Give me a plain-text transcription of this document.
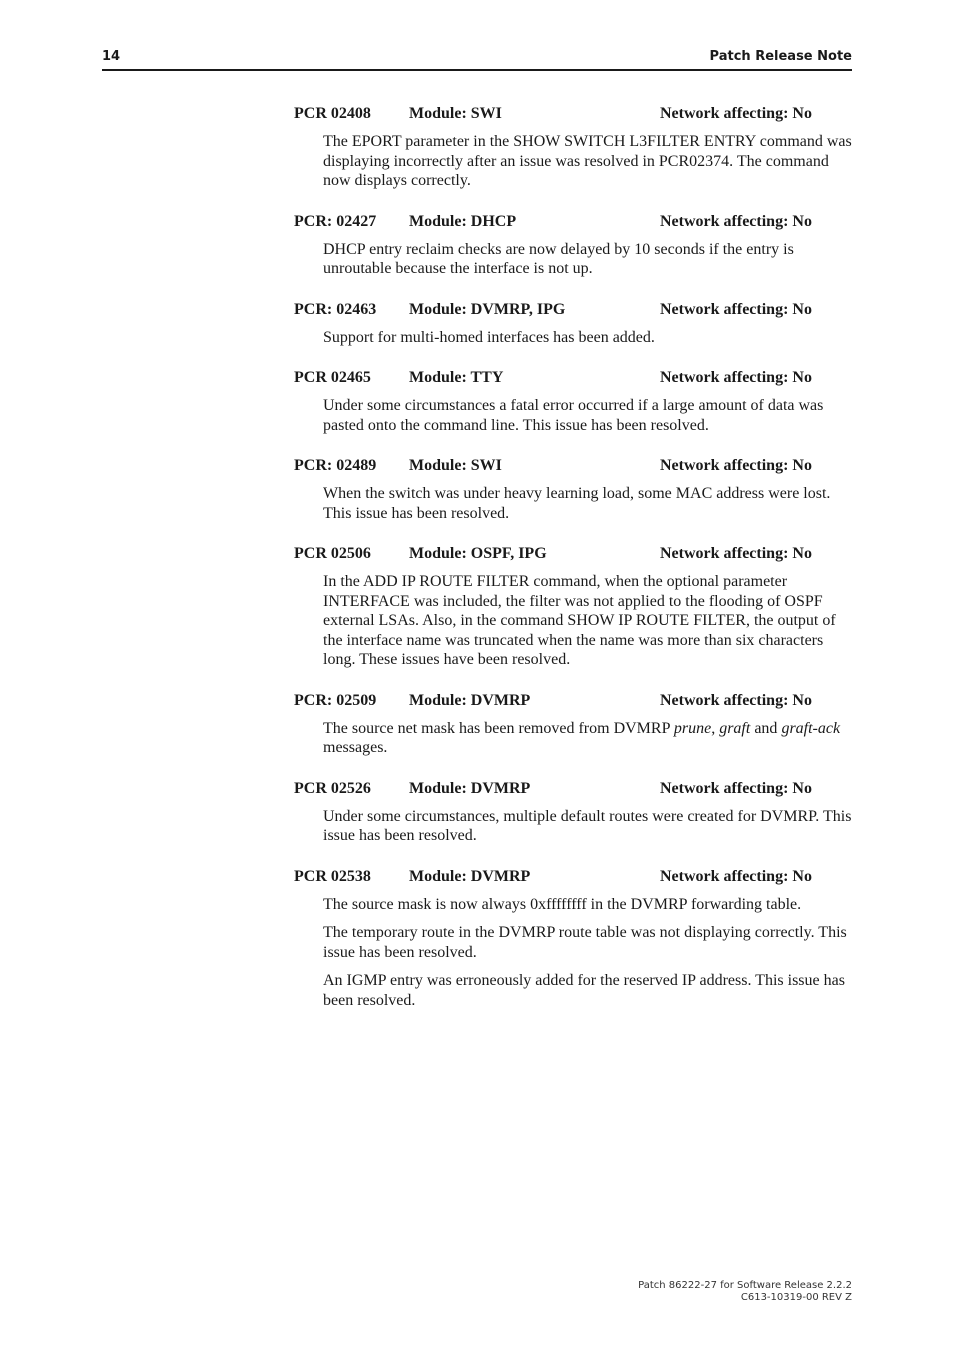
14	Patch Release Note
PCR 02408 Module: SWI	Network affecting: No

The EPORT parameter in the SHOW SWITCH L3FILTER ENTRY command was displaying incorrectly after an issue was resolved in PCR02374. The command now displays correctly.

PCR: 02427 Module: DHCP	Network affecting: No

DHCP entry reclaim checks are now delayed by 10 seconds if the entry is unroutable because the interface is not up.

PCR: 02463 Module: DVMRP, IPG	Network affecting: No

Support for multi-homed interfaces has been added.

PCR 02465 Module: TTY	Network affecting: No

Under some circumstances a fatal error occurred if a large amount of data was pasted onto the command line. This issue has been resolved.

PCR: 02489 Module: SWI	Network affecting: No

When the switch was under heavy learning load, some MAC address were lost. This issue has been resolved.

PCR 02506 Module: OSPF, IPG	Network affecting: No

In the ADD IP ROUTE FILTER command, when the optional parameter INTERFACE was included, the filter was not applied to the flooding of OSPF external LSAs. Also, in the command SHOW IP ROUTE FILTER, the output of the interface name was truncated when the name was more than six characters long. These issues have been resolved.

PCR: 02509 Module: DVMRP	Network affecting: No

The source net mask has been removed from DVMRP prune, graft and graft-ack messages.

PCR 02526 Module: DVMRP	Network affecting: No

Under some circumstances, multiple default routes were created for DVMRP. This issue has been resolved.

PCR 02538 Module: DVMRP	Network affecting: No

The source mask is now always 0xffffffff in the DVMRP forwarding table.

The temporary route in the DVMRP route table was not displaying correctly. This issue has been resolved.

An IGMP entry was erroneously added for the reserved IP address. This issue has been resolved.

Patch 86222-27 for Software Release 2.2.2
C613-10319-00 REV Z
